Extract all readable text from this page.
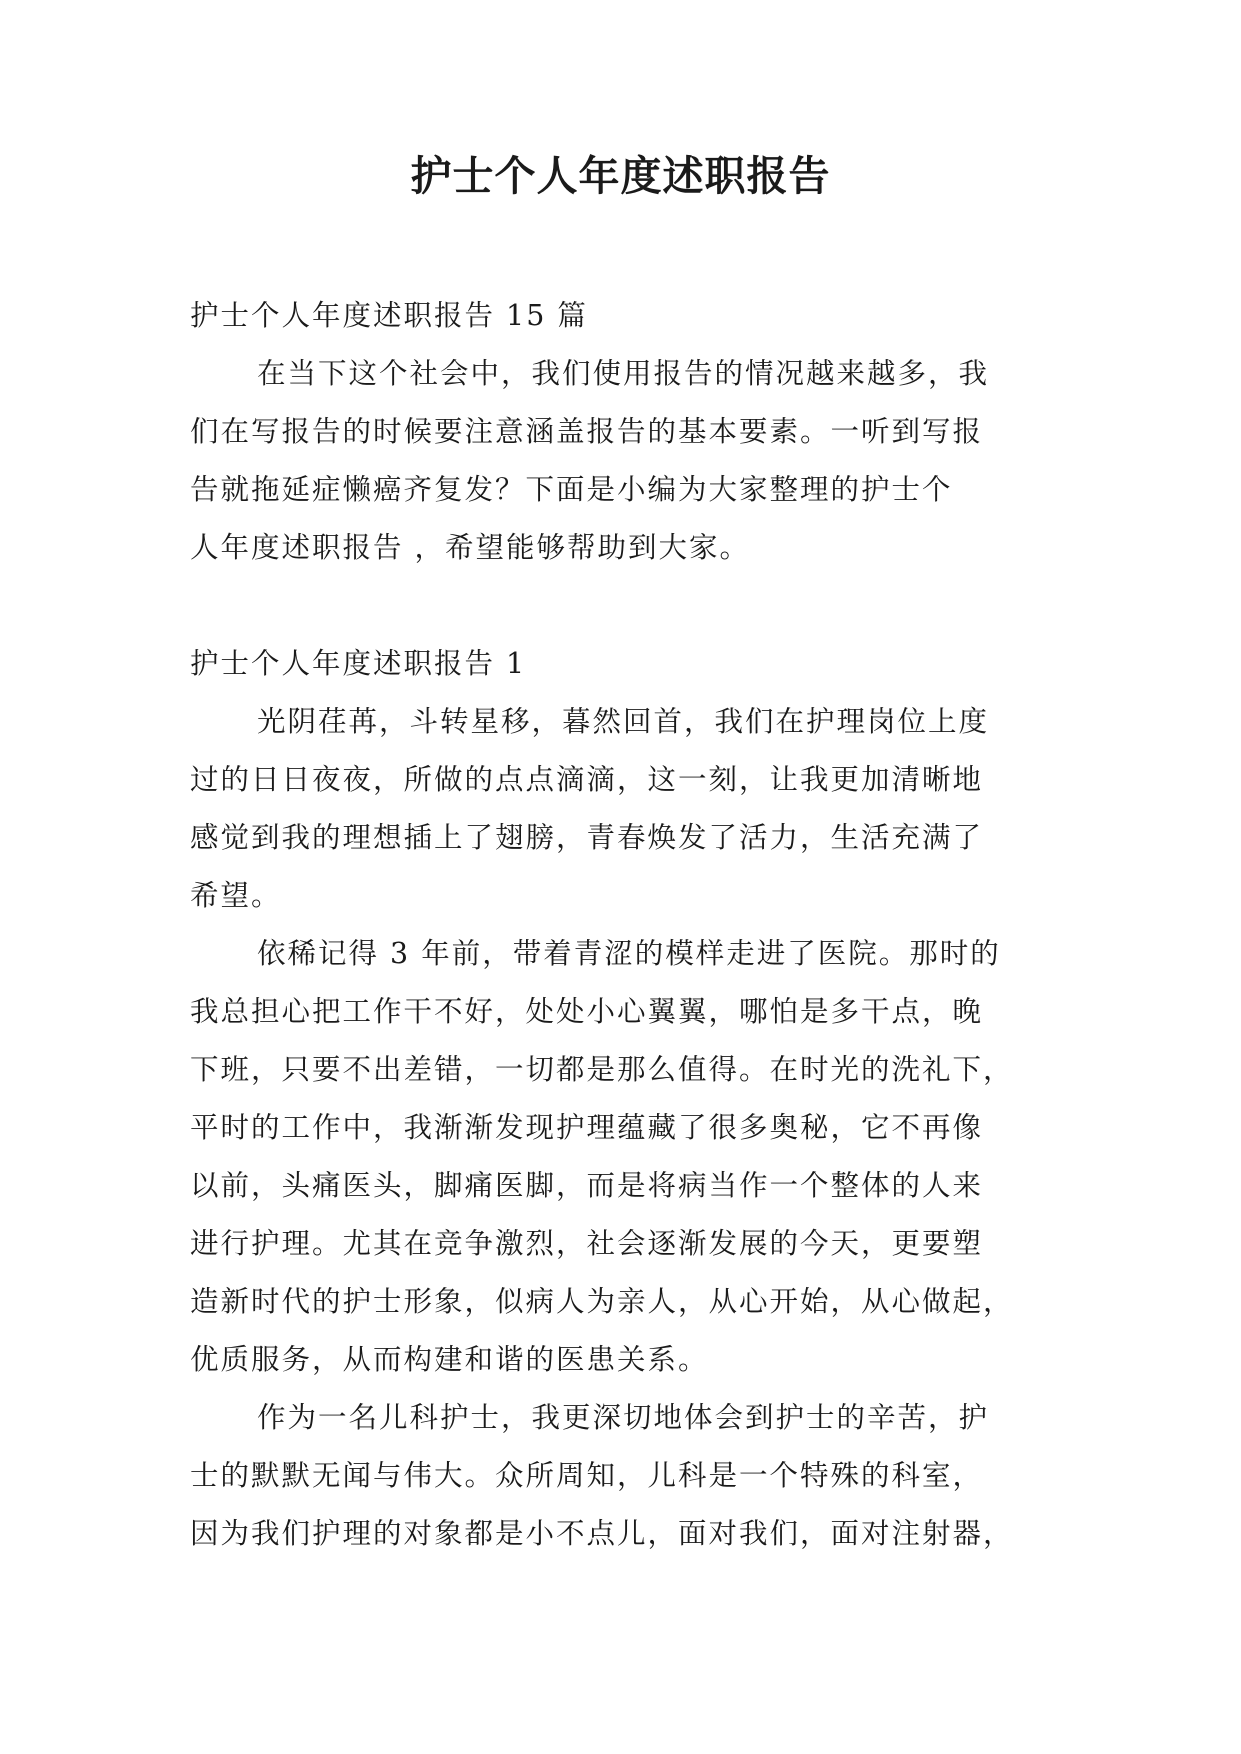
护士个人年度述职报告
护士个人年度述职报告 15 篇
在当下这个社会中，我们使用报告的情况越来越多，我
们在写报告的时候要注意涵盖报告的基本要素。一听到写报
告就拖延症懒癌齐复发？下面是小编为大家整理的护士个
人年度述职报告 ，希望能够帮助到大家。
护士个人年度述职报告 1
光阴荏苒，斗转星移，暮然回首，我们在护理岗位上度
过的日日夜夜，所做的点点滴滴，这一刻，让我更加清晰地
感觉到我的理想插上了翅膀，青春焕发了活力，生活充满了
希望。
依稀记得 3 年前，带着青涩的模样走进了医院。那时的
我总担心把工作干不好，处处小心翼翼，哪怕是多干点，晚
下班，只要不出差错，一切都是那么值得。在时光的洗礼下，
平时的工作中，我渐渐发现护理蕴藏了很多奥秘，它不再像
以前，头痛医头，脚痛医脚，而是将病当作一个整体的人来
进行护理。尤其在竞争激烈，社会逐渐发展的今天，更要塑
造新时代的护士形象，似病人为亲人，从心开始，从心做起，
优质服务，从而构建和谐的医患关系。
作为一名儿科护士，我更深切地体会到护士的辛苦，护
士的默默无闻与伟大。众所周知，儿科是一个特殊的科室，
因为我们护理的对象都是小不点儿，面对我们，面对注射器，
